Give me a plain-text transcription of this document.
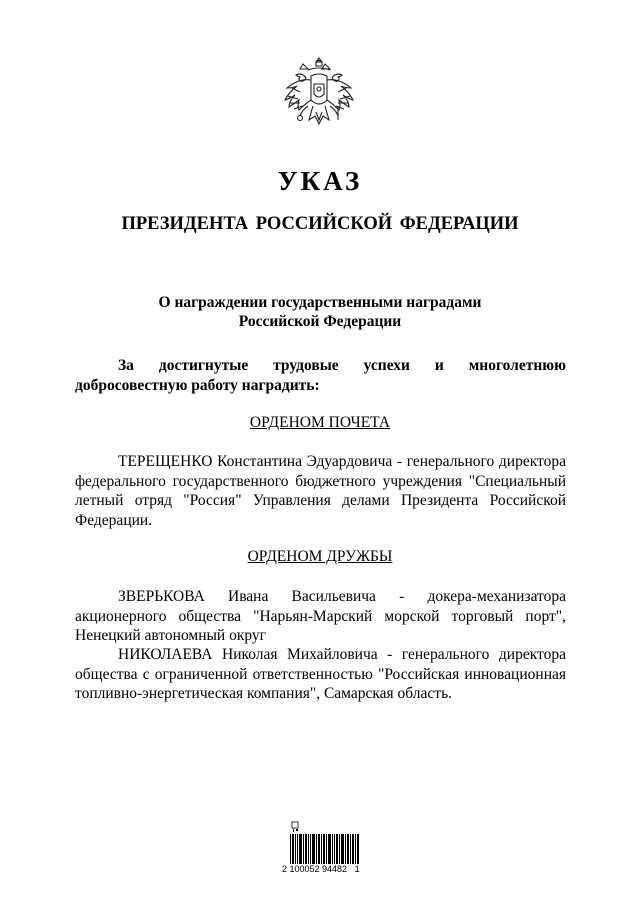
УКАЗ
ПРЕЗИДЕНТА РОССИЙСКОЙ ФЕДЕРАЦИИ
О награждении государственными наградами
Российской Федерации

За достигнутые трудовые успехи и многолетнюю добросовестную работу наградить:

ОРДЕНОМ ПОЧЕТА

ТЕРЕЩЕНКО Константина Эдуардовича - генерального директора федерального государственного бюджетного учреждения "Специальный летный отряд "Россия" Управления делами Президента Российской Федерации.

ОРДЕНОМ ДРУЖБЫ

ЗВЕРЬКОВА Ивана Васильевича - докера-механизатора акционерного общества "Нарьян-Марский морской торговый порт", Ненецкий автономный округ

НИКОЛАЕВА Николая Михайловича - генерального директора общества с ограниченной ответственностью "Российская инновационная топливно-энергетическая компания", Самарская область.

2 100052 94482   1
